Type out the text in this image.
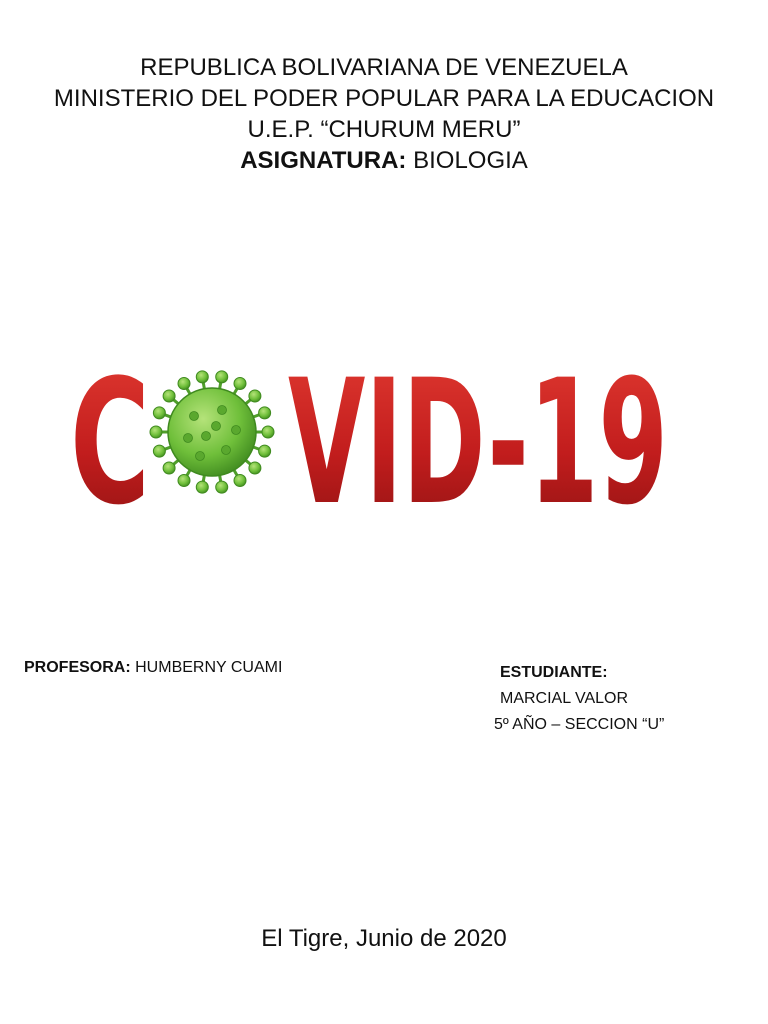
REPUBLICA BOLIVARIANA DE VENEZUELA
MINISTERIO DEL PODER POPULAR PARA LA EDUCACION
U.E.P. “CHURUM MERU”
ASIGNATURA: BIOLOGIA
C VID-19
PROFESORA: HUMBERNY CUAMI	ESTUDIANTE:
MARCIAL VALOR
5º AÑO – SECCION “U”
El Tigre, Junio de 2020
